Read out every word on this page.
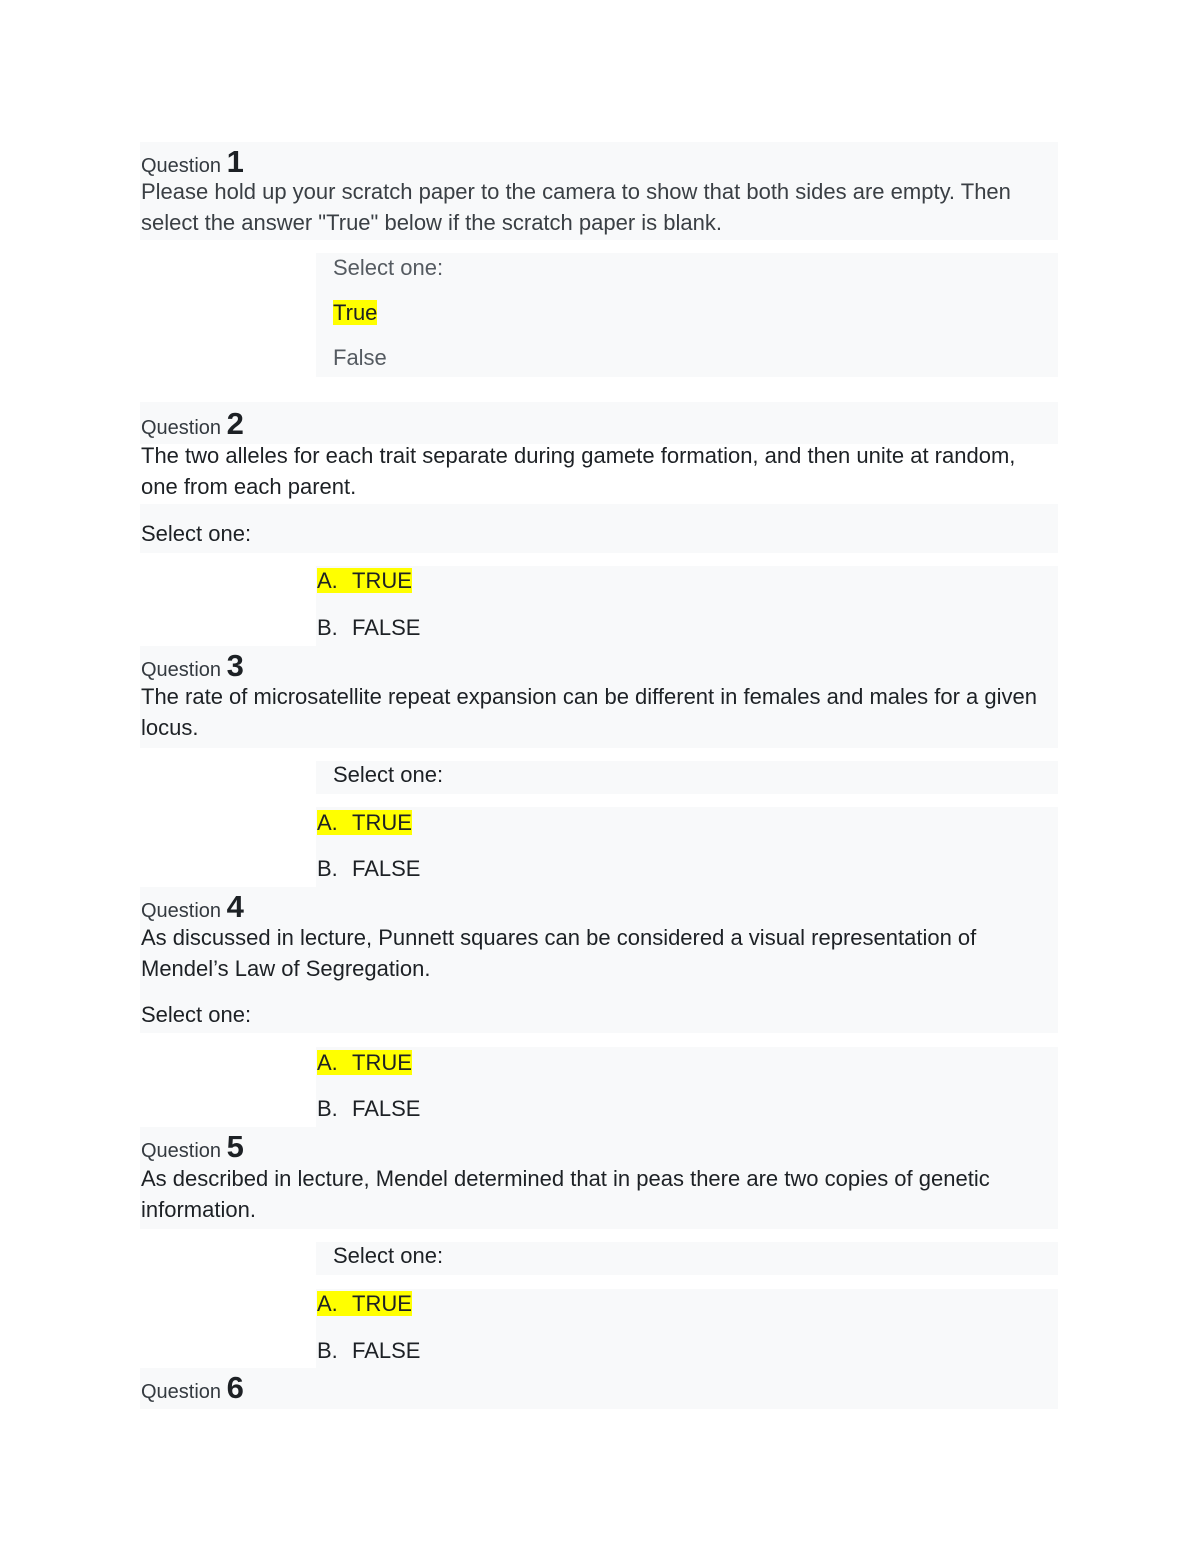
Question 1
Please hold up your scratch paper to the camera to show that both sides are empty. Then select the answer "True" below if the scratch paper is blank.
Select one:
True
False
Question 2
The two alleles for each trait separate during gamete formation, and then unite at random, one from each parent.
Select one:
A. TRUE
B. FALSE
Question 3
The rate of microsatellite repeat expansion can be different in females and males for a given locus.
Select one:
A. TRUE
B. FALSE
Question 4
As discussed in lecture, Punnett squares can be considered a visual representation of Mendel’s Law of Segregation.
Select one:
A. TRUE
B. FALSE
Question 5
As described in lecture, Mendel determined that in peas there are two copies of genetic information.
Select one:
A. TRUE
B. FALSE
Question 6
